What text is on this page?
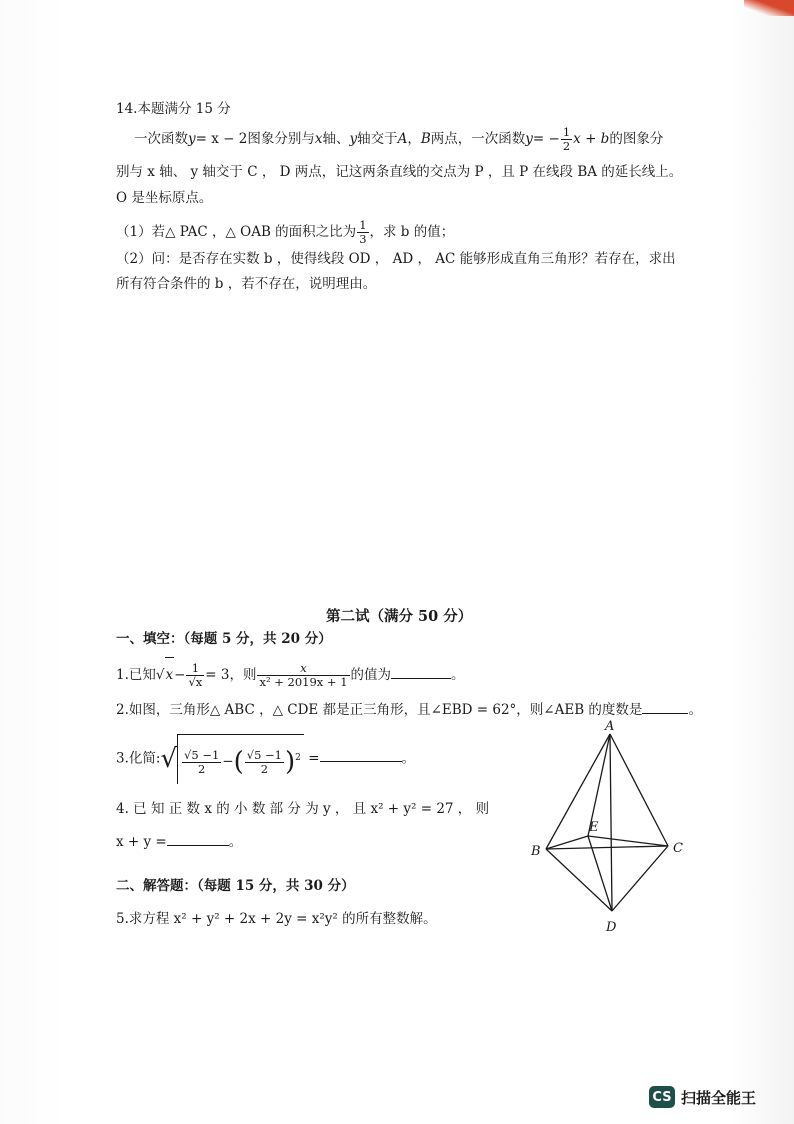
14.本题满分 15 分
一次函数y= x − 2图象分别与x轴、y轴交于A，B两点，一次函数$y= - \frac{1}{2}$ x + b的图象分
别与 x 轴、 y 轴交于 C ， D 两点，记这两条直线的交点为 P ，且 P 在线段 BA 的延长线上。
O 是坐标原点。
（1）若△ PAC ，△ OAB 的面积之比为 $\frac{1}{3}$ ，求 b 的值；
（2）问：是否存在实数 b ，使得线段 OD ， AD ， AC 能够形成直角三角形？若存在，求出
所有符合条件的 b ，若不存在，说明理由。
第二试（满分 50 分）
一、填空：（每题 5 分，共 20 分）
1.已知$√x- \frac{1}{√x} = 3$，则 $\frac{x}{\text{x² + 2019x + 1}}$ 的值为	。
2.如图，三角形△ ABC ，△ CDE 都是正三角形，且∠EBD = 62°，则∠AEB 的度数是	。
3.化简:√ $\frac{√5 -1}{2}$ −( $\frac{√5 -1}{2} )^2$ =	。
4. 已 知 正 数 x 的 小 数 部 分 为 y ， 且 x² + y² = 27 ， 则
x + y =	。
二、解答题：（每题 15 分，共 30 分）
5.求方程 x² + y² + 2x + 2y = x²y² 的所有整数解。
A
B	C
E
D
CS 扫描全能王
